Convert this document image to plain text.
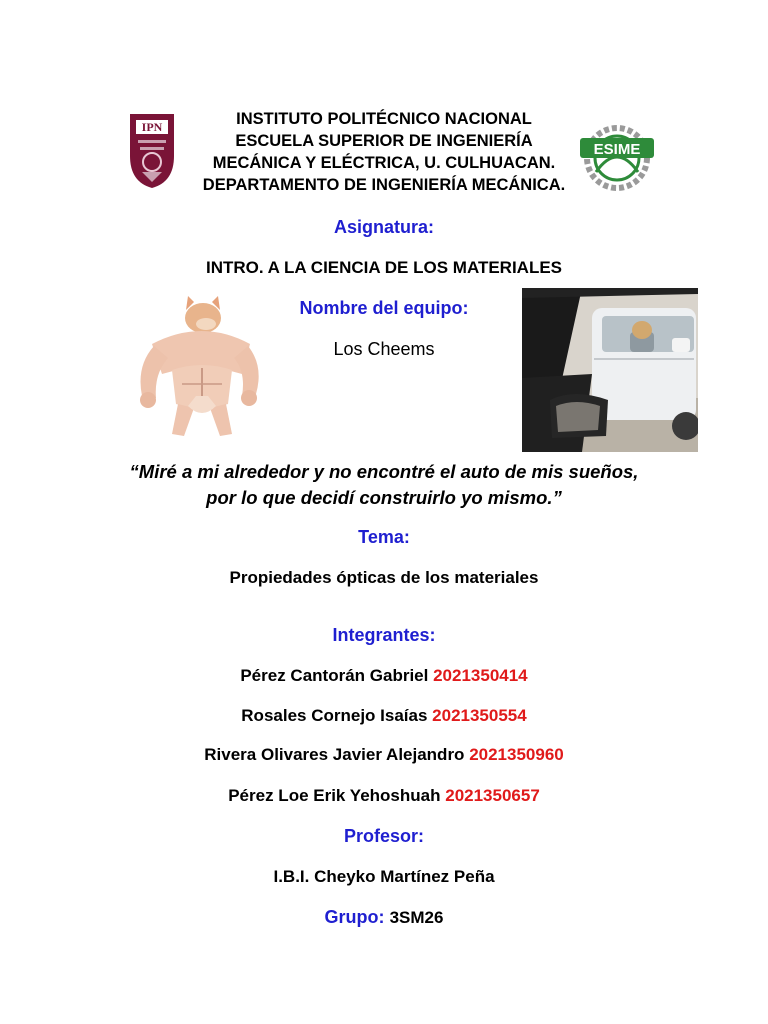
IPN
ESIME
INSTITUTO POLITÉCNICO NACIONAL
ESCUELA SUPERIOR DE INGENIERÍA
MECÁNICA Y ELÉCTRICA, U. CULHUACAN.
DEPARTAMENTO DE INGENIERÍA MECÁNICA.
Asignatura:
INTRO. A LA CIENCIA DE LOS MATERIALES
Nombre del equipo:
Los Cheems
“Miré a mi alrededor y no encontré el auto de mis sueños,
por lo que decidí construirlo yo mismo.”
Tema:
Propiedades ópticas de los materiales
Integrantes:
Pérez Cantorán Gabriel 2021350414
Rosales Cornejo Isaías 2021350554
Rivera Olivares Javier Alejandro 2021350960
Pérez Loe Erik Yehoshuah 2021350657
Profesor:
I.B.I. Cheyko Martínez Peña
Grupo: 3SM26
